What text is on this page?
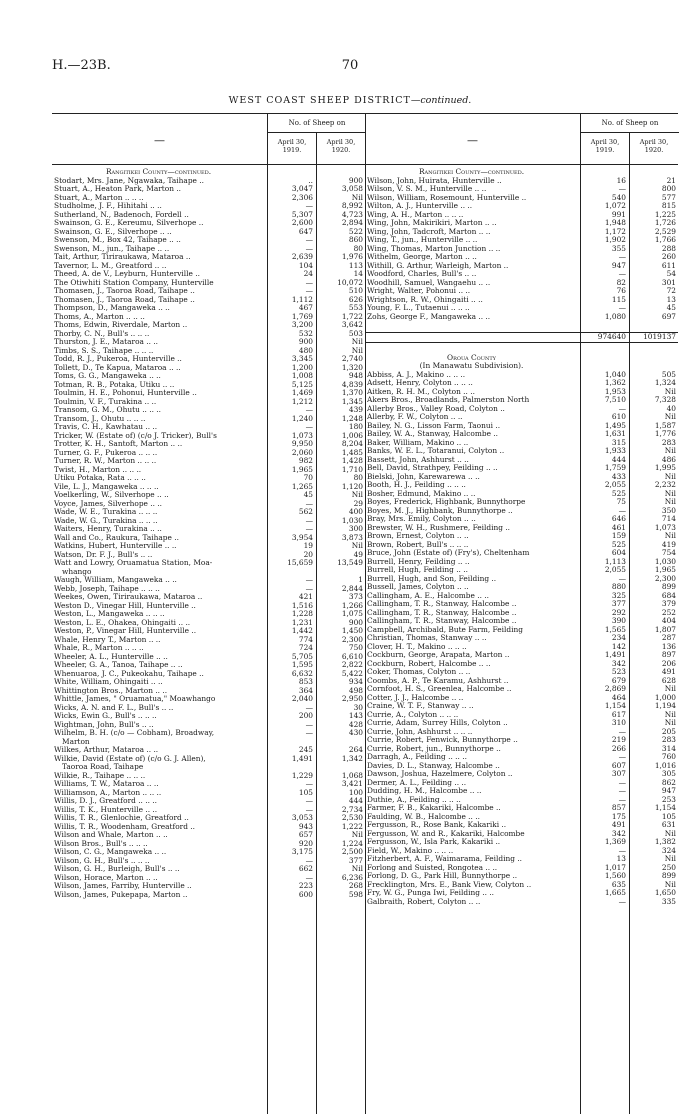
H.—23B.	70
WEST COAST SHEEP DISTRICT—continued.
—
No. of Sheep on
April 30, 1919.
April 30, 1920.
Rangitikei County—continued.
Stodart, Mrs. Jane, Ngawaka, Taihape ..	..	900
Stuart, A., Heaton Park, Marton ..	3,047	3,058
Stuart, A., Marton .. .. ..	2,306	Nil
Studholme, J. F., Hihitahi .. ..	—	8,992
Sutherland, N., Badenoch, Fordell ..	5,307	4,723
Swainson, G. E., Kereumu, Silverhope ..	2,600	2,894
Swainson, G. E., Silverhope .. ..	647	522
Swenson, M., Box 42, Taihape .. ..	—	860
Swenson, M., jun., Taihape .. ..	—	80
Tait, Arthur, Tiriraukawa, Mataroa ..	2,639	1,976
Tavernor, L. M., Greatford .. ..	104	113
Theed, A. de V., Leyburn, Hunterville ..	24	14
The Otiwhiti Station Company, Hunterville	—	10,072
Thomasen, J., Taoroa Road, Taihape ..	—	510
Thomasen, J., Taoroa Road, Taihape ..	1,112	626
Thompson, D., Mangaweka .. ..	467	553
Thoms, A., Marton .. .. ..	1,769	1,722
Thoms, Edwin, Riverdale, Marton ..	3,200	3,642
Thorby, C. N., Bull's .. .. ..	532	503
Thurston, J. E., Mataroa .. ..	900	Nil
Timbs, S. S., Taihape .. .. ..	480	Nil
Todd, R. J., Pukeroa, Hunterville ..	3,345	2,740
Tollett, D., Te Kapua, Mataroa .. ..	1,200	1,320
Toms, G. G., Mangaweka .. ..	1,008	948
Totman, R. B., Potaka, Utiku .. ..	5,125	4,839
Toulmin, H. E., Pohonui, Hunterville ..	1,469	1,370
Toulmin, V. F., Turakina .. ..	1,212	1,345
Transom, G. M., Ohutu .. .. ..	—	439
Transom, J., Ohutu .. .. ..	1,240	1,248
Travis, C. H., Kawhatau .. ..	—	180
Tricker, W. (Estate of) (c/o J. Tricker), Bull's	1,073	1,006
Trotter, K. H., Santoft, Marton .. ..	9,950	8,204
Turner, G. F., Pukeroa .. .. ..	2,060	1,485
Turner, R. W., Marton .. .. ..	982	1,428
Twist, H., Marton .. .. ..	1,965	1,710
Utiku Potaka, Rata .. .. ..	70	80
Vile, L. J., Mangaweka .. .. ..	1,265	1,120
Voelkerling, W., Silverhope .. ..	45	Nil
Voyce, James, Silverhope .. ..	—	29
Wade, W. E., Turakina .. .. ..	562	400
Wade, W. G., Turakina .. .. ..	—	1,030
Waiters, Henry, Turakina .. ..	—	300
Wall and Co., Raukura, Taihape ..	3,954	3,873
Watkins, Hubert, Hunterville .. ..	19	Nil
Watson, Dr. F. J., Bull's .. ..	20	49
Watt and Lowry, Oruamatua Station, Moa-	15,659	13,549
whango
Waugh, William, Mangaweka .. ..	—	1
Webb, Joseph, Taihape .. .. ..	—	2,844
Weekes, Owen, Tiriraukawa, Mataroa ..	421	373
Weston D., Vinegar Hill, Hunterville ..	1,516	1,266
Weston, L., Mangaweka .. .. ..	1,228	1,075
Weston, L. E., Ohakea, Ohingaiti .. ..	1,231	900
Weston, P., Vinegar Hill, Hunterville ..	1,442	1,450
Whale, Henry T., Marton .. ..	774	2,300
Whale, R., Marton .. .. ..	724	750
Wheeler, A. L., Hunterville .. ..	5,705	6,610
Wheeler, G. A., Tanoa, Taihape .. ..	1,595	2,822
Whenuaroa, J. C., Pukeokahu, Taihape ..	6,632	5,422
White, William, Ohingaiti .. ..	853	934
Whittington Bros., Marton .. ..	364	498
Whittle, James, " Oruamatua," Moawhango	2,040	2,950
Wicks, A. N. and F. L., Bull's .. ..	—	30
Wicks, Ewin G., Bull's .. .. ..	200	143
Wightman, John, Bull's .. ..	—	428
Wilhelm, B. H. (c/o — Cobham), Broadway,	—	430
Marton
Wilkes, Arthur, Mataroa .. ..	245	264
Wilkie, David (Estate of) (c/o G. J. Allen),	1,491	1,342
Taoroa Road, Taihape
Wilkie, R., Taihape .. .. ..	1,229	1,068
Williams, T. W., Mataroa .. ..	—	3,421
Williamson, A., Marton .. .. ..	105	100
Willis, D. J., Greatford .. .. ..	—	444
Willis, T. K., Hunterville .. ..	—	2,734
Willis, T. R., Glenlochie, Greatford ..	3,053	2,530
Willis, T. R., Woodenham, Greatford ..	943	1,222
Wilson and Whale, Marton .. ..	657	Nil
Wilson Bros., Bull's .. .. ..	920	1,224
Wilson, C. G., Mangaweka .. ..	3,175	2,500
Wilson, G. H., Bull's .. .. ..	—	377
Wilson, G. H., Burleigh, Bull's .. ..	662	Nil
Wilson, Horace, Marton .. ..	—	6,236
Wilson, James, Farriby, Hunterville ..	223	268
Wilson, James, Pukepapa, Marton ..	600	598
—
No. of Sheep on
April 30, 1919.
April 30, 1920.
Rangitikei County—continued.
Wilson, John, Huirata, Hunterville ..	16	21
Wilson, V. S. M., Hunterville .. ..	—	800
Wilson, William, Rosemount, Hunterville ..	540	577
Wilton, A. J., Hunterville .. ..	1,072	815
Wing, A. H., Marton .. .. ..	991	1,225
Wing, John, Makirikiri, Marton .. ..	1,948	1,726
Wing, John, Tadcroft, Marton .. ..	1,172	2,529
Wing, T., jun., Hunterville .. ..	1,902	1,766
Wing, Thomas, Marton Junction .. ..	355	288
Withelm, George, Marton .. ..	—	260
Withill, G. Arthur, Warleigh, Marton ..	947	611
Woodford, Charles, Bull's .. ..	—	54
Woodhill, Samuel, Wangaehu .. ..	82	301
Wright, Walter, Pohonui .. ..	76	72
Wrightson, R. W., Ohingaiti .. ..	115	13
Young, F. L., Tutaenui .. .. ..	—	45
Zohs, George F., Mangaweka .. ..	1,080	697
974640	1019137
Oroua County
(In Manawatu Subdivision).
Abbiss, A. J., Makino .. .. ..	1,040	505
Adsett, Henry, Colyton .. .. ..	1,362	1,324
Aitken, R. H. M., Colyton .. ..	1,953	Nil
Akers Bros., Broadlands, Palmerston North	7,510	7,328
Allerby Bros., Valley Road, Colyton ..	—	40
Allerby, F. W., Colyton .. ..	610	Nil
Bailey, N. G., Lisson Farm, Taonui ..	1,495	1,587
Bailey, W. A., Stanway, Halcombe ..	1,631	1,776
Baker, William, Makino .. ..	315	283
Banks, W. E. L., Totaranui, Colyton ..	1,933	Nil
Bassett, John, Ashhurst .. ..	444	486
Bell, David, Strathpey, Feilding .. ..	1,759	1,995
Bielski, John, Karewarewa .. ..	433	Nil
Booth, H. J., Feilding .. .. ..	2,055	2,232
Bosher, Edmund, Makino .. ..	525	Nil
Boyes, Frederick, Highbank, Bunnythorpe	75	Nil
Boyes, M. J., Highbank, Bunnythorpe ..	—	350
Bray, Mrs. Emily, Colyton .. ..	646	714
Brewster, W. H., Rushmere, Feilding ..	461	1,073
Brown, Ernest, Colyton .. ..	159	Nil
Brown, Robert, Bull's .. .. ..	525	419
Bruce, John (Estate of) (Fry's), Cheltenham	604	754
Burrell, Henry, Feilding .. ..	1,113	1,030
Burrell, Hugh, Feilding .. ..	2,055	1,965
Burrell, Hugh, and Son, Feilding ..	—	2,300
Bussell, James, Colyton .. ..	880	899
Callingham, A. E., Halcombe .. ..	325	684
Callingham, T. R., Stanway, Halcombe ..	377	379
Callingham, T. R., Stanway, Halcombe ..	292	252
Callingham, T. R., Stanway, Halcombe ..	390	404
Campbell, Archibald, Bute Farm, Feilding	1,565	1,807
Christian, Thomas, Stanway .. ..	234	287
Clover, H. T., Makino .. .. ..	142	136
Cockburn, George, Arapata, Marton ..	1,491	897
Cockburn, Robert, Halcombe .. ..	342	206
Coker, Thomas, Colyton .. ..	523	491
Coombs, A. P., Te Karamu, Ashhurst ..	679	628
Cornfoot, H. S., Greenlea, Halcombe ..	2,869	Nil
Cotter, J. J., Halcombe .. ..	464	1,000
Craine, W. T. F., Stanway .. ..	1,154	1,194
Currie, A., Colyton .. .. ..	617	Nil
Currie, Adam, Surrey Hills, Colyton ..	310	Nil
Currie, John, Ashhurst .. .. ..	—	205
Currie, Robert, Fenwick, Bunnythorpe ..	219	283
Currie, Robert, jun., Bunnythorpe ..	266	314
Darragh, A., Feilding .. .. ..	—	760
Davies, D. L., Stanway, Halcombe ..	607	1,016
Dawson, Joshua, Hazelmere, Colyton ..	307	305
Dermer, A. L., Feilding .. ..	—	862
Dudding, H. M., Halcombe .. ..	—	947
Duthie, A., Feilding .. .. ..	—	253
Farmer, F. B., Kakariki, Halcombe ..	857	1,154
Faulding, W. B., Halcombe .. ..	175	105
Fergusson, R., Rose Bank, Kakariki ..	491	631
Fergusson, W. and R., Kakariki, Halcombe	342	Nil
Fergusson, W., Isla Park, Kakariki ..	1,369	1,382
Field, W., Makino .. .. ..	—	324
Fitzherbert, A. F., Waimarama, Feilding ..	13	Nil
Forlong and Suisted, Rongotea .. ..	1,017	250
Forlong, D. G., Park Hill, Bunnythorpe ..	1,560	899
Frecklington, Mrs. E., Bank View, Colyton ..	635	Nil
Fry, W. G., Punga Iwi, Feilding .. ..	1,665	1,650
Galbraith, Robert, Colyton .. ..	—	335
